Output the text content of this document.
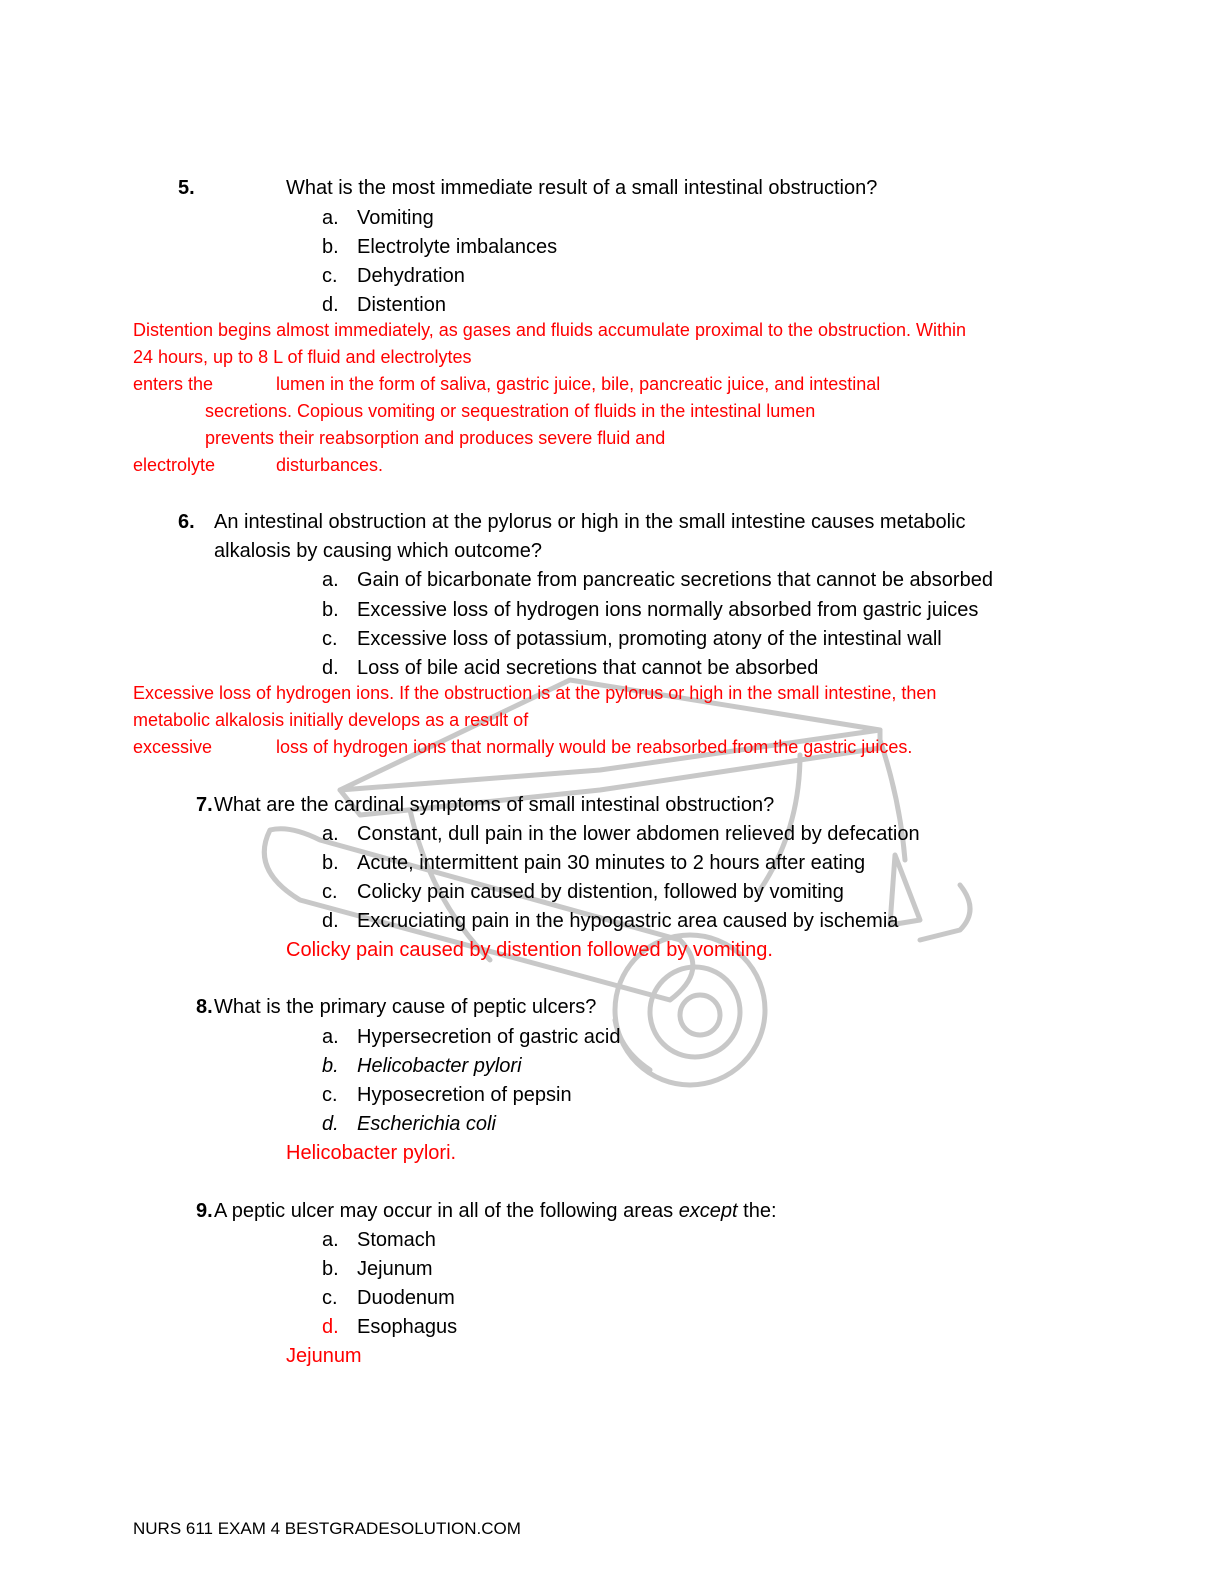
5.	What is the most immediate result of a small intestinal obstruction?
a. Vomiting
b. Electrolyte imbalances
c. Dehydration
d. Distention
Distention begins almost immediately, as gases and fluids accumulate proximal to the obstruction. Within
24 hours, up to 8 L of fluid and electrolytes
enters the	lumen in the form of saliva, gastric juice, bile, pancreatic juice, and intestinal
secretions. Copious vomiting or sequestration of fluids in the intestinal lumen
prevents their reabsorption and produces severe fluid and
electrolyte	disturbances.
6. An intestinal obstruction at the pylorus or high in the small intestine causes metabolic
alkalosis by causing which outcome?
a. Gain of bicarbonate from pancreatic secretions that cannot be absorbed
b. Excessive loss of hydrogen ions normally absorbed from gastric juices
c. Excessive loss of potassium, promoting atony of the intestinal wall
d. Loss of bile acid secretions that cannot be absorbed
Excessive loss of hydrogen ions. If the obstruction is at the pylorus or high in the small intestine, then
metabolic alkalosis initially develops as a result of
excessive	loss of hydrogen ions that normally would be reabsorbed from the gastric juices.
7. What are the cardinal symptoms of small intestinal obstruction?
a. Constant, dull pain in the lower abdomen relieved by defecation
b. Acute, intermittent pain 30 minutes to 2 hours after eating
c. Colicky pain caused by distention, followed by vomiting
d. Excruciating pain in the hypogastric area caused by ischemia
Colicky pain caused by distention followed by vomiting.
8. What is the primary cause of peptic ulcers?
a. Hypersecretion of gastric acid
b. Helicobacter pylori
c. Hyposecretion of pepsin
d. Escherichia coli
Helicobacter pylori.
9. A peptic ulcer may occur in all of the following areas except the:
a. Stomach
b. Jejunum
c. Duodenum
d. Esophagus
Jejunum
NURS 611 EXAM 4 BESTGRADESOLUTION.COM
